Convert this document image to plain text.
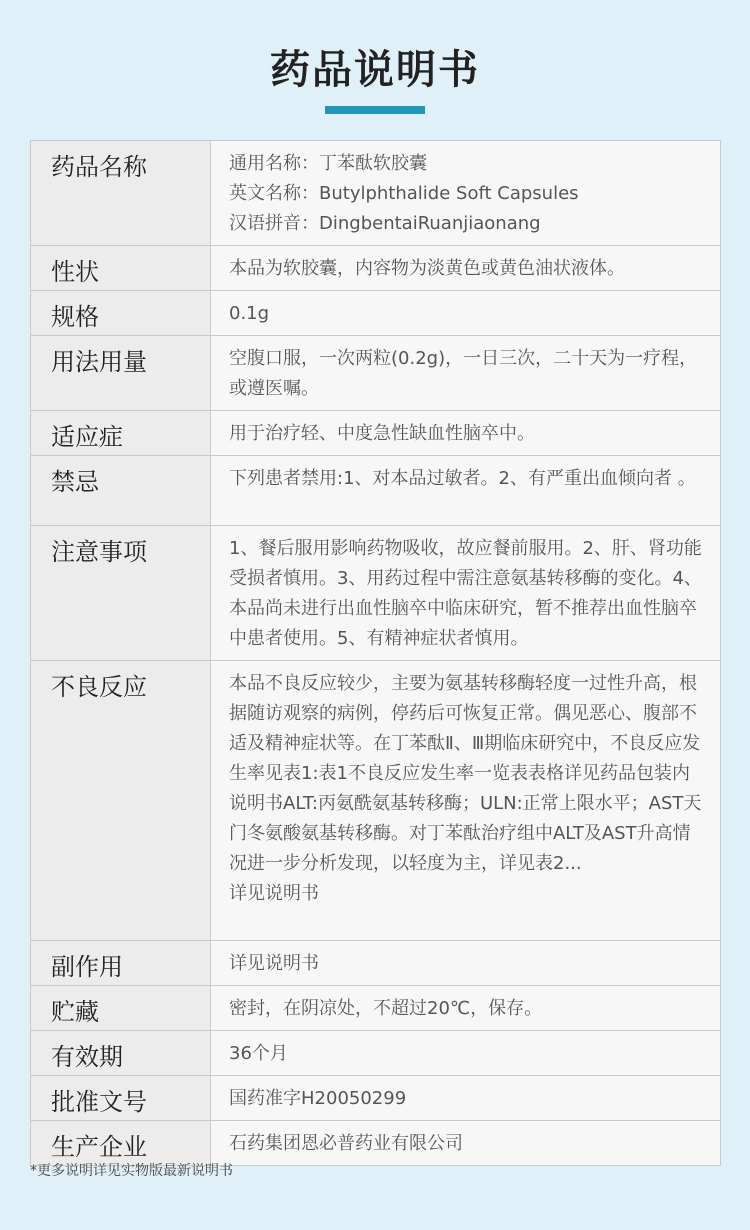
药品说明书
药品名称	通用名称：丁苯酞软胶囊
英文名称：Butylphthalide Soft Capsules
汉语拼音：DingbentaiRuanjiaonang

性状	本品为软胶囊，内容物为淡黄色或黄色油状液体。
规格	0.1g
用法用量	空腹口服，一次两粒(0.2g)，一日三次，二十天为一疗程，或遵医嘱。
适应症	用于治疗轻、中度急性缺血性脑卒中。
禁忌	下列患者禁用:1、对本品过敏者。2、有严重出血倾向者 。
注意事项	1、餐后服用影响药物吸收，故应餐前服用。2、肝、肾功能受损者慎用。3、用药过程中需注意氨基转移酶的变化。4、本品尚未进行出血性脑卒中临床研究，暂不推荐出血性脑卒中患者使用。5、有精神症状者慎用。
不良反应	本品不良反应较少，主要为氨基转移酶轻度一过性升高，根据随访观察的病例，停药后可恢复正常。偶见恶心、腹部不适及精神症状等。在丁苯酞Ⅱ、Ⅲ期临床研究中，不良反应发生率见表1:表1不良反应发生率一览表表格详见药品包装内说明书ALT:丙氨酰氨基转移酶；ULN:正常上限水平；AST天门冬氨酸氨基转移酶。对丁苯酞治疗组中ALT及AST升高情况进一步分析发现，以轻度为主，详见表2...
详见说明书

副作用	详见说明书
贮藏	密封，在阴凉处，不超过20℃，保存。
有效期	36个月
批准文号	国药准字H20050299
生产企业	石药集团恩必普药业有限公司
*更多说明详见实物版最新说明书
